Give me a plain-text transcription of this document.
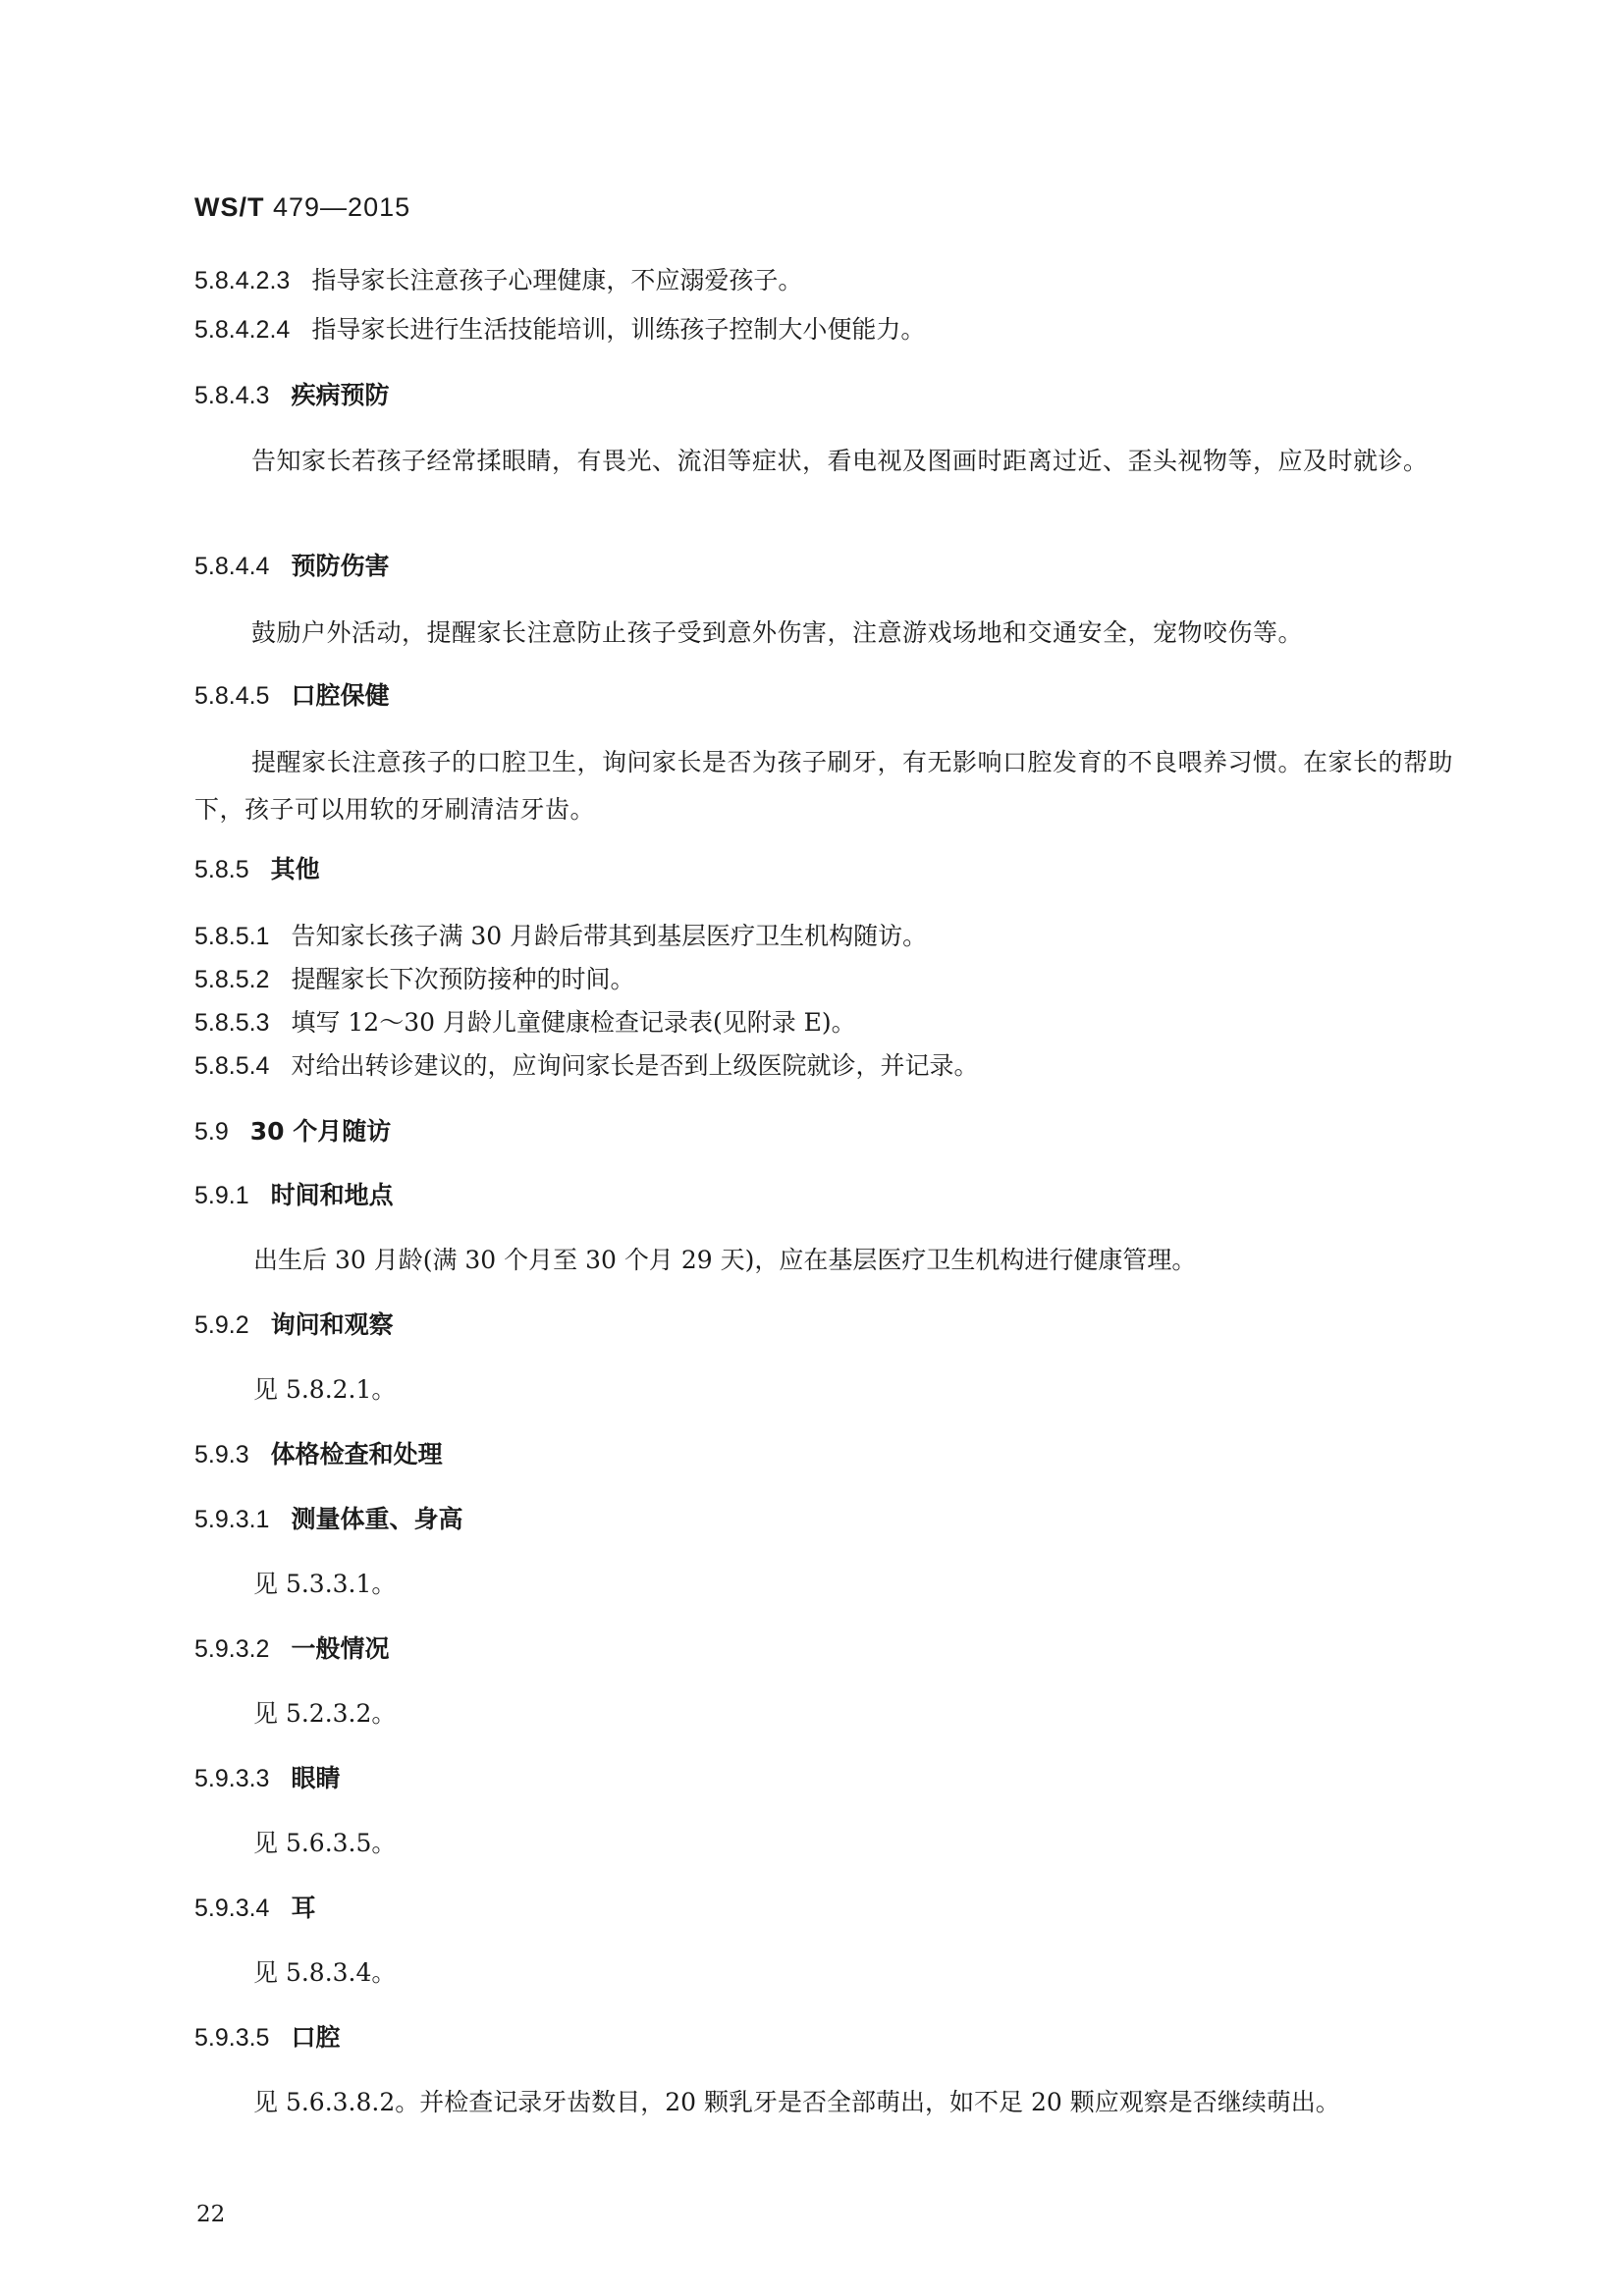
WS/T 479—2015
5.8.4.2.3 指导家长注意孩子心理健康，不应溺爱孩子。
5.8.4.2.4 指导家长进行生活技能培训，训练孩子控制大小便能力。
5.8.4.3 疾病预防
告知家长若孩子经常揉眼睛，有畏光、流泪等症状，看电视及图画时距离过近、歪头视物等，应及时就诊。
5.8.4.4 预防伤害
鼓励户外活动，提醒家长注意防止孩子受到意外伤害，注意游戏场地和交通安全，宠物咬伤等。
5.8.4.5 口腔保健
提醒家长注意孩子的口腔卫生，询问家长是否为孩子刷牙，有无影响口腔发育的不良喂养习惯。在家长的帮助下，孩子可以用软的牙刷清洁牙齿。
5.8.5 其他
5.8.5.1 告知家长孩子满 30 月龄后带其到基层医疗卫生机构随访。
5.8.5.2 提醒家长下次预防接种的时间。
5.8.5.3 填写 12～30 月龄儿童健康检查记录表(见附录 E)。
5.8.5.4 对给出转诊建议的，应询问家长是否到上级医院就诊，并记录。
5.9 30 个月随访
5.9.1 时间和地点
出生后 30 月龄(满 30 个月至 30 个月 29 天)，应在基层医疗卫生机构进行健康管理。
5.9.2 询问和观察
见 5.8.2.1。
5.9.3 体格检查和处理
5.9.3.1 测量体重、身高
见 5.3.3.1。
5.9.3.2 一般情况
见 5.2.3.2。
5.9.3.3 眼睛
见 5.6.3.5。
5.9.3.4 耳
见 5.8.3.4。
5.9.3.5 口腔
见 5.6.3.8.2。并检查记录牙齿数目，20 颗乳牙是否全部萌出，如不足 20 颗应观察是否继续萌出。
22
